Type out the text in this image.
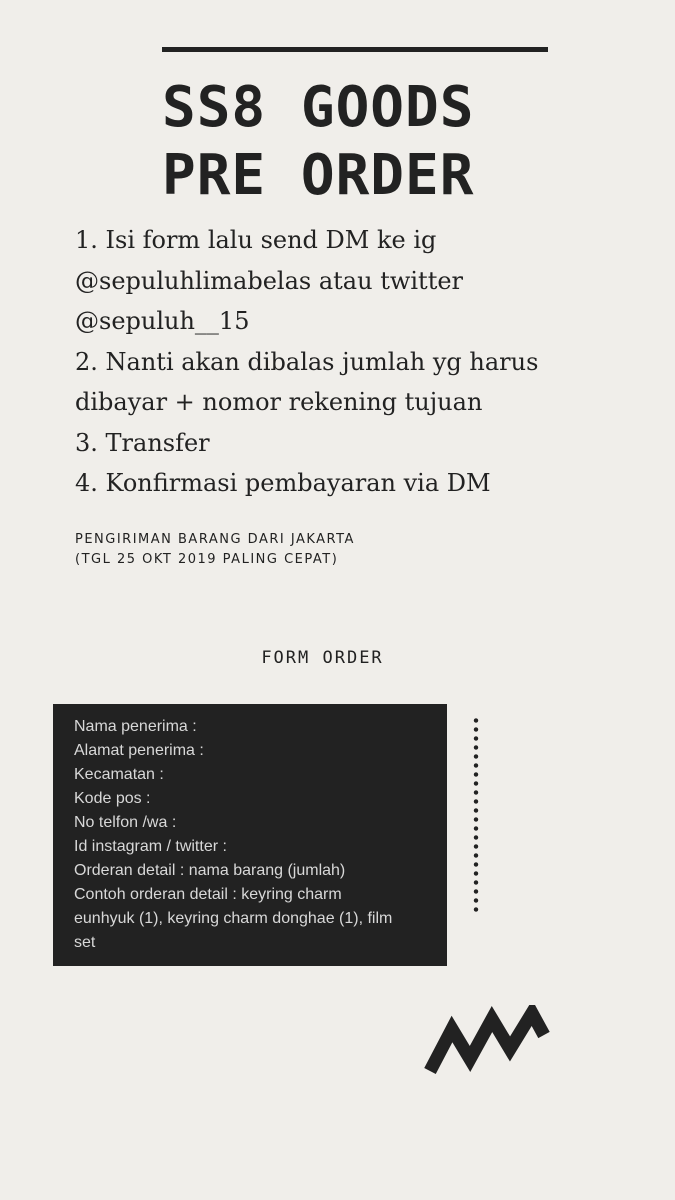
SS8 GOODS
PRE ORDER
1. Isi form lalu send DM ke ig
@sepuluhlimabelas atau twitter
@sepuluh__15
2. Nanti akan dibalas jumlah yg harus
dibayar + nomor rekening tujuan
3. Transfer
4. Konfirmasi pembayaran via DM
PENGIRIMAN BARANG DARI JAKARTA
(TGL 25 OKT 2019 PALING CEPAT)
FORM ORDER
Nama penerima :
Alamat penerima :
Kecamatan :
Kode pos :
No telfon /wa :
Id instagram / twitter :
Orderan detail : nama barang (jumlah)
Contoh orderan detail : keyring charm
eunhyuk (1), keyring charm donghae (1), film
set
